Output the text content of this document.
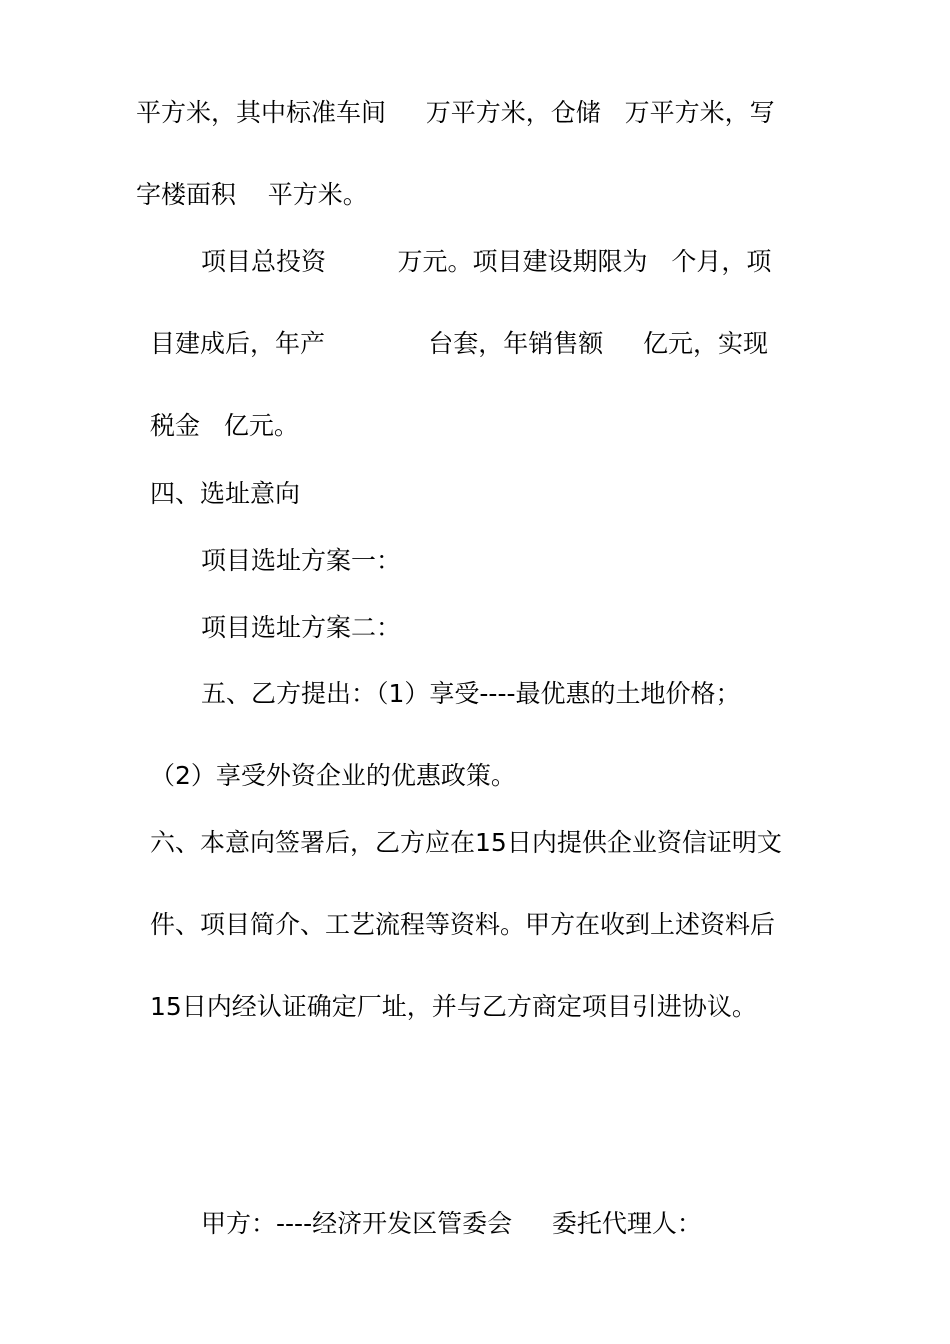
平方米，其中标准车间     万平方米，仓储   万平方米，写
字楼面积    平方米。
项目总投资         万元。项目建设期限为   个月，项
目建成后，年产             台套，年销售额     亿元，实现
税金   亿元。
四、选址意向
项目选址方案一：
项目选址方案二：
五、乙方提出：（1）享受----最优惠的土地价格；
（2）享受外资企业的优惠政策。
六、本意向签署后，乙方应在15日内提供企业资信证明文
件、项目简介、工艺流程等资料。甲方在收到上述资料后
15日内经认证确定厂址，并与乙方商定项目引进协议。
甲方：----经济开发区管委会     委托代理人：
